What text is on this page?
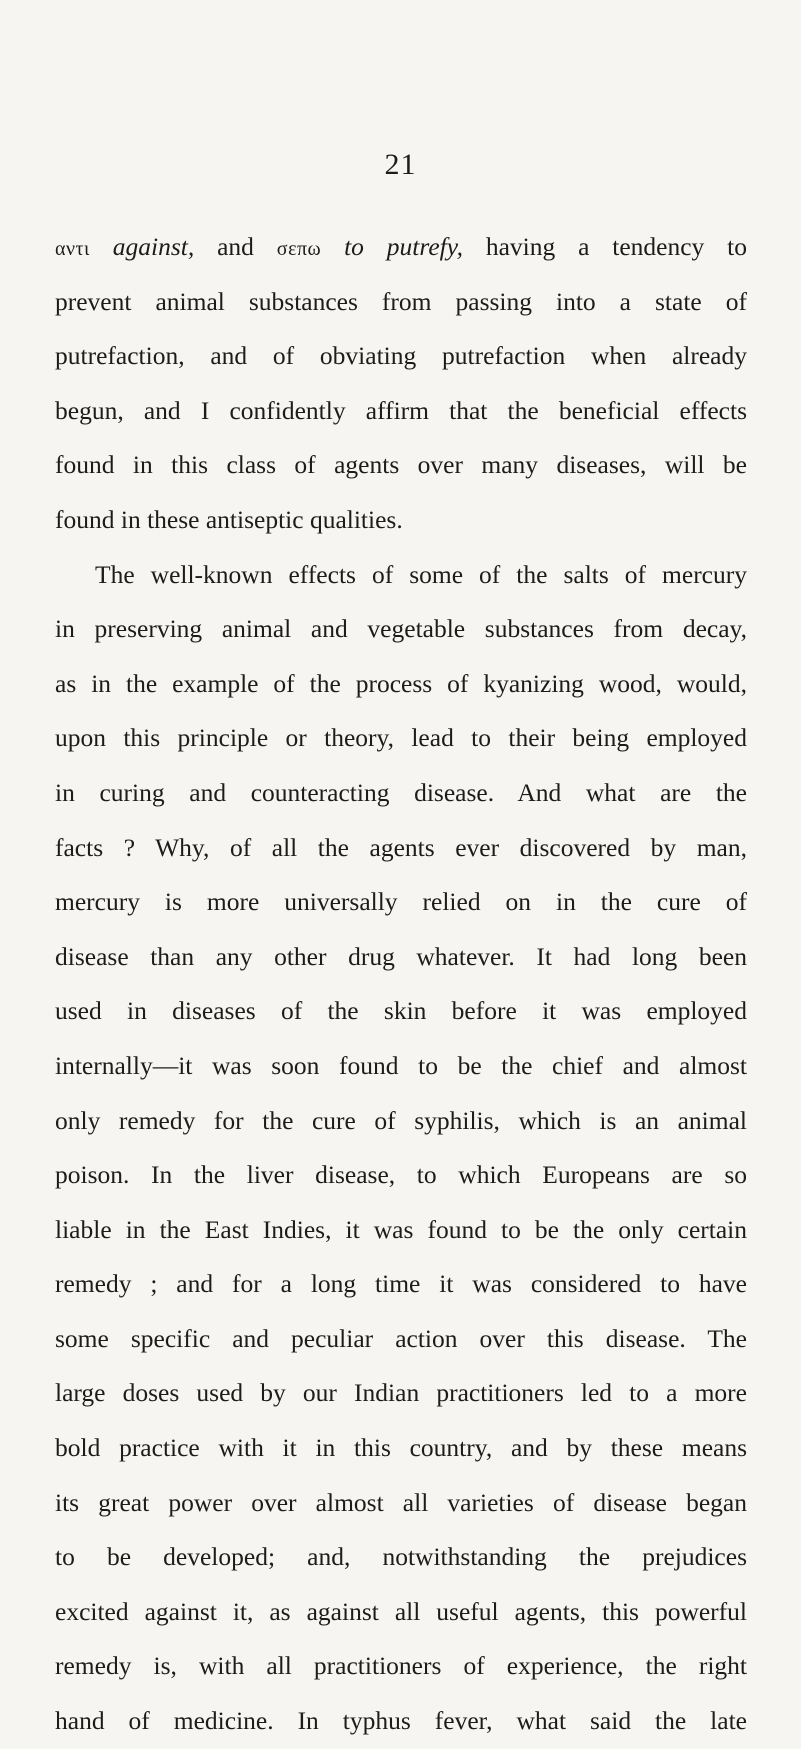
21
αντι against, and σεπω to putrefy, having a tendency to
prevent animal substances from passing into a state of
putrefaction, and of obviating putrefaction when already
begun, and I confidently affirm that the beneficial effects
found in this class of agents over many diseases, will be
found in these antiseptic qualities.
The well-known effects of some of the salts of mercury
in preserving animal and vegetable substances from decay,
as in the example of the process of kyanizing wood, would,
upon this principle or theory, lead to their being employed
in curing and counteracting disease. And what are the
facts ? Why, of all the agents ever discovered by man,
mercury is more universally relied on in the cure of
disease than any other drug whatever. It had long been
used in diseases of the skin before it was employed
internally—it was soon found to be the chief and almost
only remedy for the cure of syphilis, which is an animal
poison. In the liver disease, to which Europeans are so
liable in the East Indies, it was found to be the only certain
remedy ; and for a long time it was considered to have
some specific and peculiar action over this disease. The
large doses used by our Indian practitioners led to a more
bold practice with it in this country, and by these means
its great power over almost all varieties of disease began
to be developed; and, notwithstanding the prejudices
excited against it, as against all useful agents, this powerful
remedy is, with all practitioners of experience, the right
hand of medicine. In typhus fever, what said the late
